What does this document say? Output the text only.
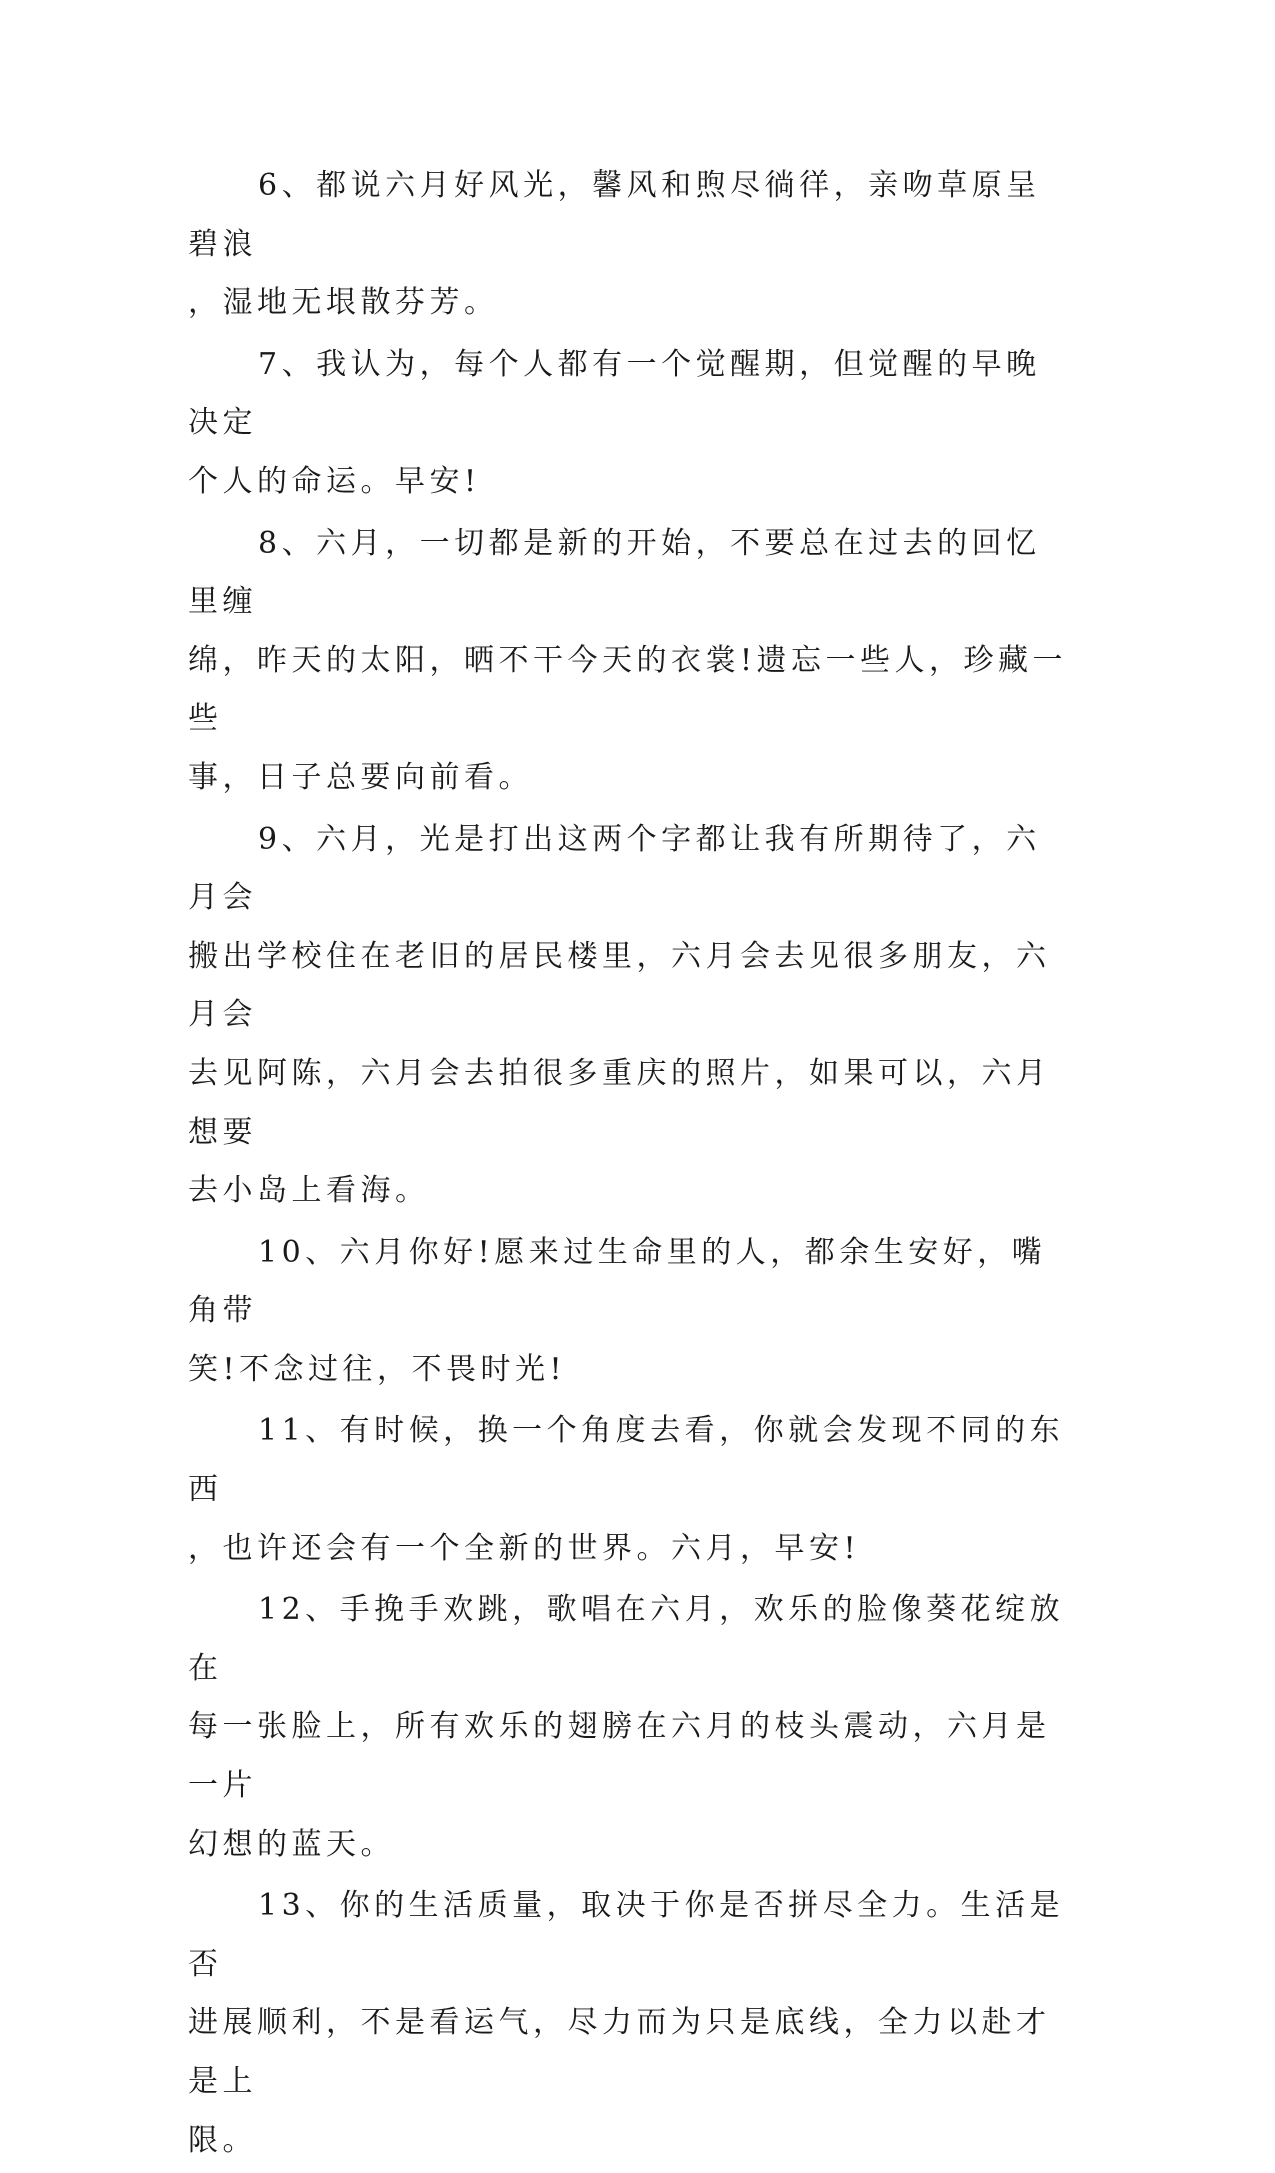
6、都说六月好风光，馨风和煦尽徜徉，亲吻草原呈碧浪
，湿地无垠散芬芳。

7、我认为，每个人都有一个觉醒期，但觉醒的早晚决定
个人的命运。早安!

8、六月，一切都是新的开始，不要总在过去的回忆里缠
绵，昨天的太阳，晒不干今天的衣裳!遗忘一些人，珍藏一些
事，日子总要向前看。

9、六月，光是打出这两个字都让我有所期待了，六月会
搬出学校住在老旧的居民楼里，六月会去见很多朋友，六月会
去见阿陈，六月会去拍很多重庆的照片，如果可以，六月想要
去小岛上看海。

10、六月你好!愿来过生命里的人，都余生安好，嘴角带
笑!不念过往，不畏时光!

11、有时候，换一个角度去看，你就会发现不同的东西
，也许还会有一个全新的世界。六月，早安!

12、手挽手欢跳，歌唱在六月，欢乐的脸像葵花绽放在
每一张脸上，所有欢乐的翅膀在六月的枝头震动，六月是一片
幻想的蓝天。

13、你的生活质量，取决于你是否拼尽全力。生活是否
进展顺利，不是看运气，尽力而为只是底线，全力以赴才是上
限。
